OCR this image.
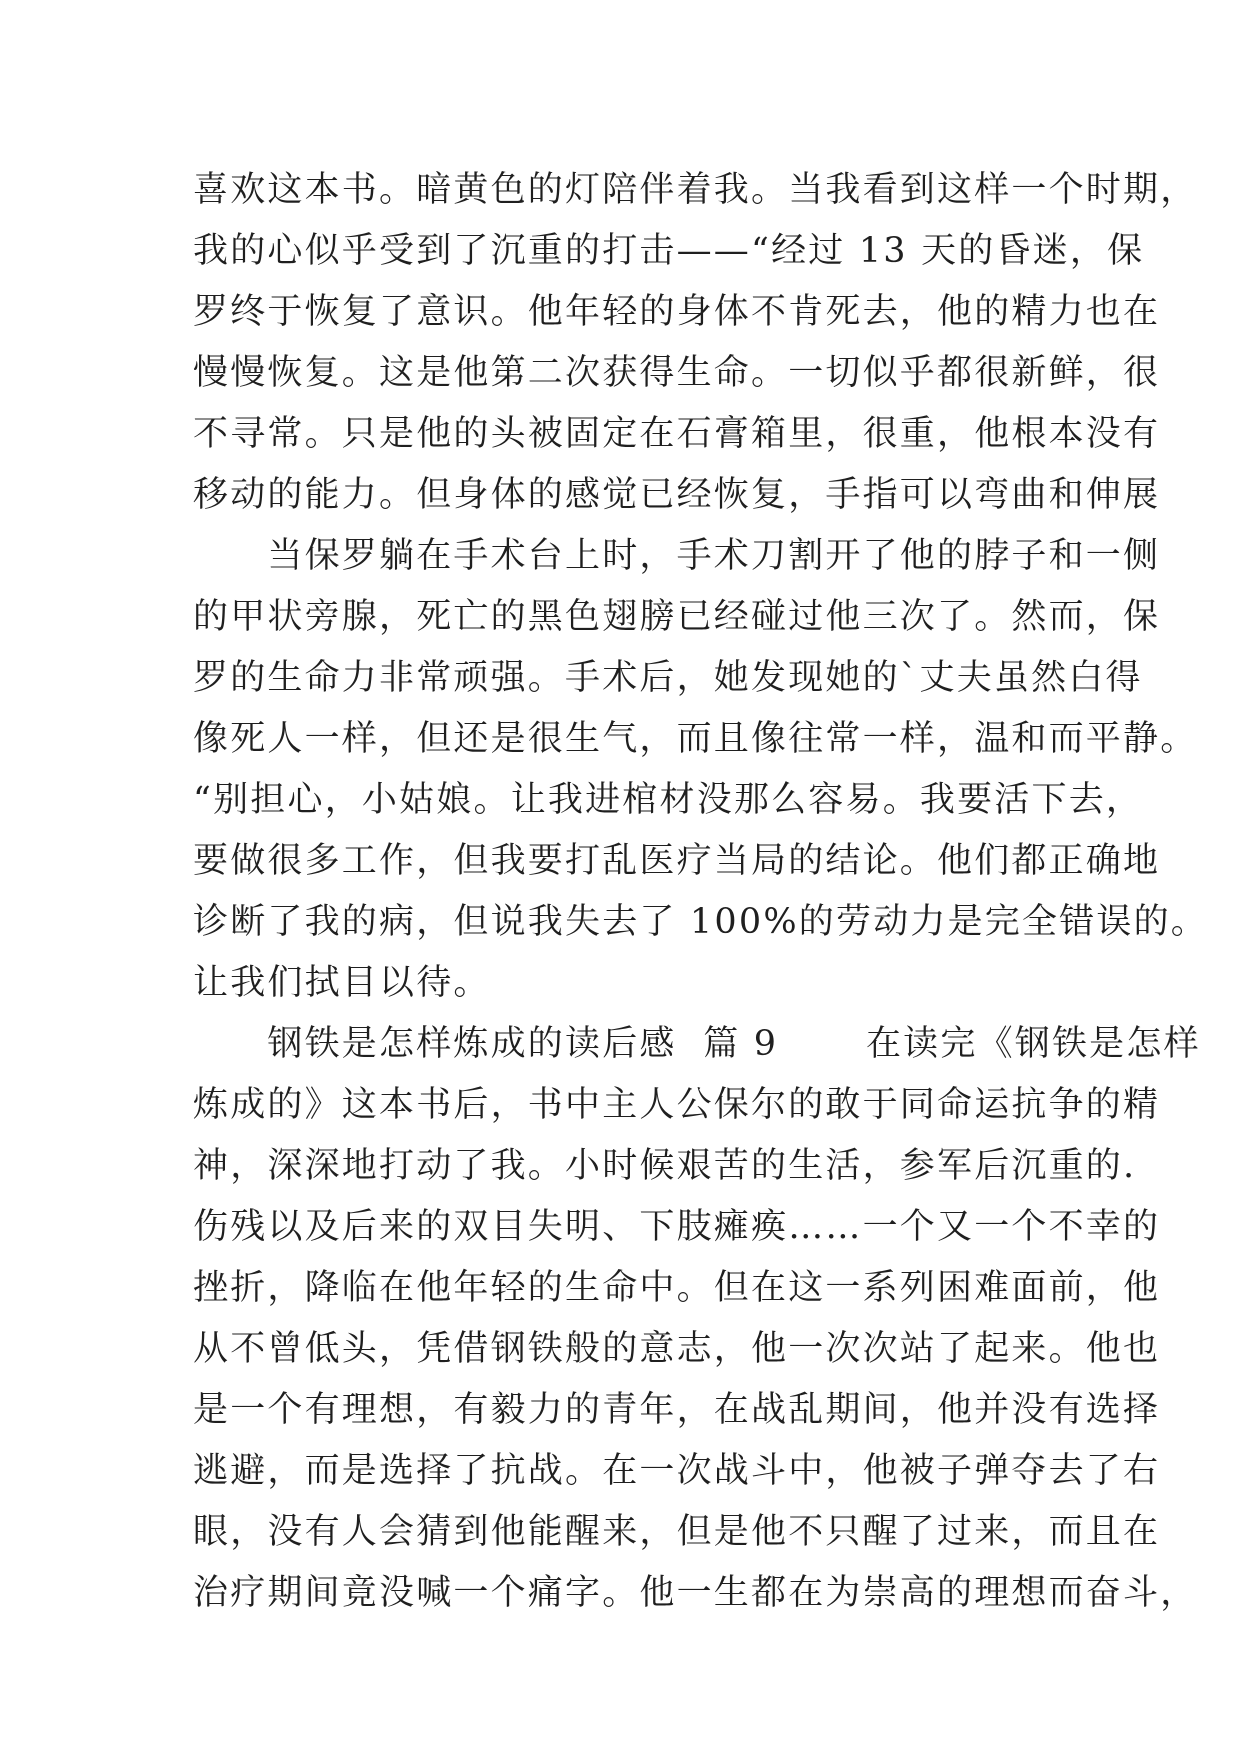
喜欢这本书。暗黄色的灯陪伴着我。当我看到这样一个时期，
我的心似乎受到了沉重的打击——“经过 13 天的昏迷，保
罗终于恢复了意识。他年轻的身体不肯死去，他的精力也在
慢慢恢复。这是他第二次获得生命。一切似乎都很新鲜，很
不寻常。只是他的头被固定在石膏箱里，很重，他根本没有
移动的能力。但身体的感觉已经恢复，手指可以弯曲和伸展
　　当保罗躺在手术台上时，手术刀割开了他的脖子和一侧
的甲状旁腺，死亡的黑色翅膀已经碰过他三次了。然而，保
罗的生命力非常顽强。手术后，她发现她的`丈夫虽然白得
像死人一样，但还是很生气，而且像往常一样，温和而平静。
“别担心，小姑娘。让我进棺材没那么容易。我要活下去，
要做很多工作，但我要打乱医疗当局的结论。他们都正确地
诊断了我的病，但说我失去了 100%的劳动力是完全错误的。
让我们拭目以待。
　　钢铁是怎样炼成的读后感  篇 9　　 在读完《钢铁是怎样
炼成的》这本书后，书中主人公保尔的敢于同命运抗争的精
神，深深地打动了我。小时候艰苦的生活，参军后沉重的.
伤残以及后来的双目失明、下肢瘫痪……一个又一个不幸的
挫折，降临在他年轻的生命中。但在这一系列困难面前，他
从不曾低头，凭借钢铁般的意志，他一次次站了起来。他也
是一个有理想，有毅力的青年，在战乱期间，他并没有选择
逃避，而是选择了抗战。在一次战斗中，他被子弹夺去了右
眼，没有人会猜到他能醒来，但是他不只醒了过来，而且在
治疗期间竟没喊一个痛字。他一生都在为崇高的理想而奋斗，
